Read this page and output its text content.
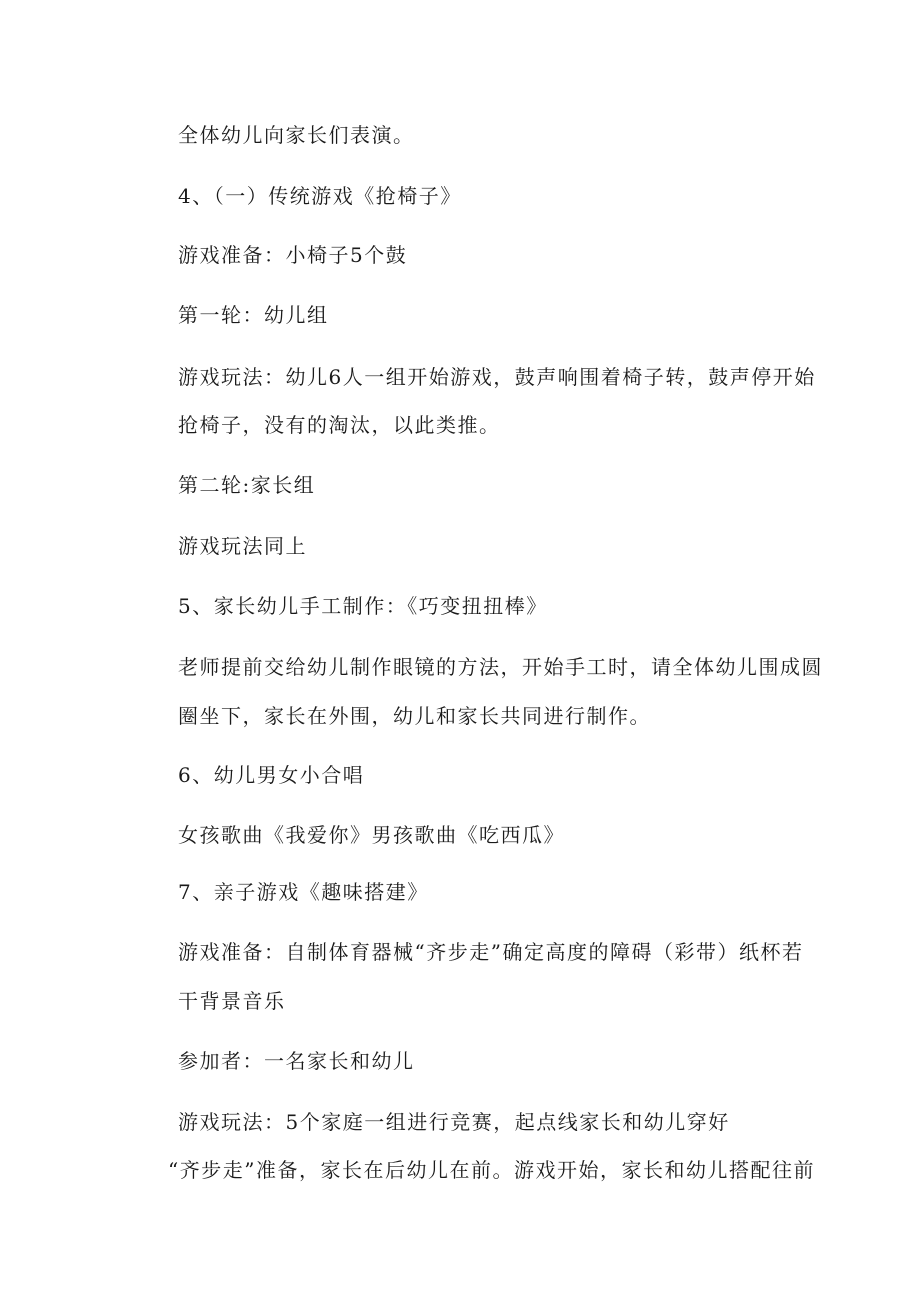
全体幼儿向家长们表演。
4、（一）传统游戏《抢椅子》
游戏准备：小椅子5个鼓
第一轮：幼儿组
游戏玩法：幼儿6人一组开始游戏，鼓声响围着椅子转，鼓声停开始
抢椅子，没有的淘汰，以此类推。
第二轮:家长组
游戏玩法同上
5、家长幼儿手工制作：《巧变扭扭棒》
老师提前交给幼儿制作眼镜的方法，开始手工时，请全体幼儿围成圆
圈坐下，家长在外围，幼儿和家长共同进行制作。
6、幼儿男女小合唱
女孩歌曲《我爱你》男孩歌曲《吃西瓜》
7、亲子游戏《趣味搭建》
游戏准备：自制体育器械“齐步走”确定高度的障碍（彩带）纸杯若
干背景音乐
参加者：一名家长和幼儿
游戏玩法：5个家庭一组进行竞赛，起点线家长和幼儿穿好
“齐步走”准备，家长在后幼儿在前。游戏开始，家长和幼儿搭配往前
